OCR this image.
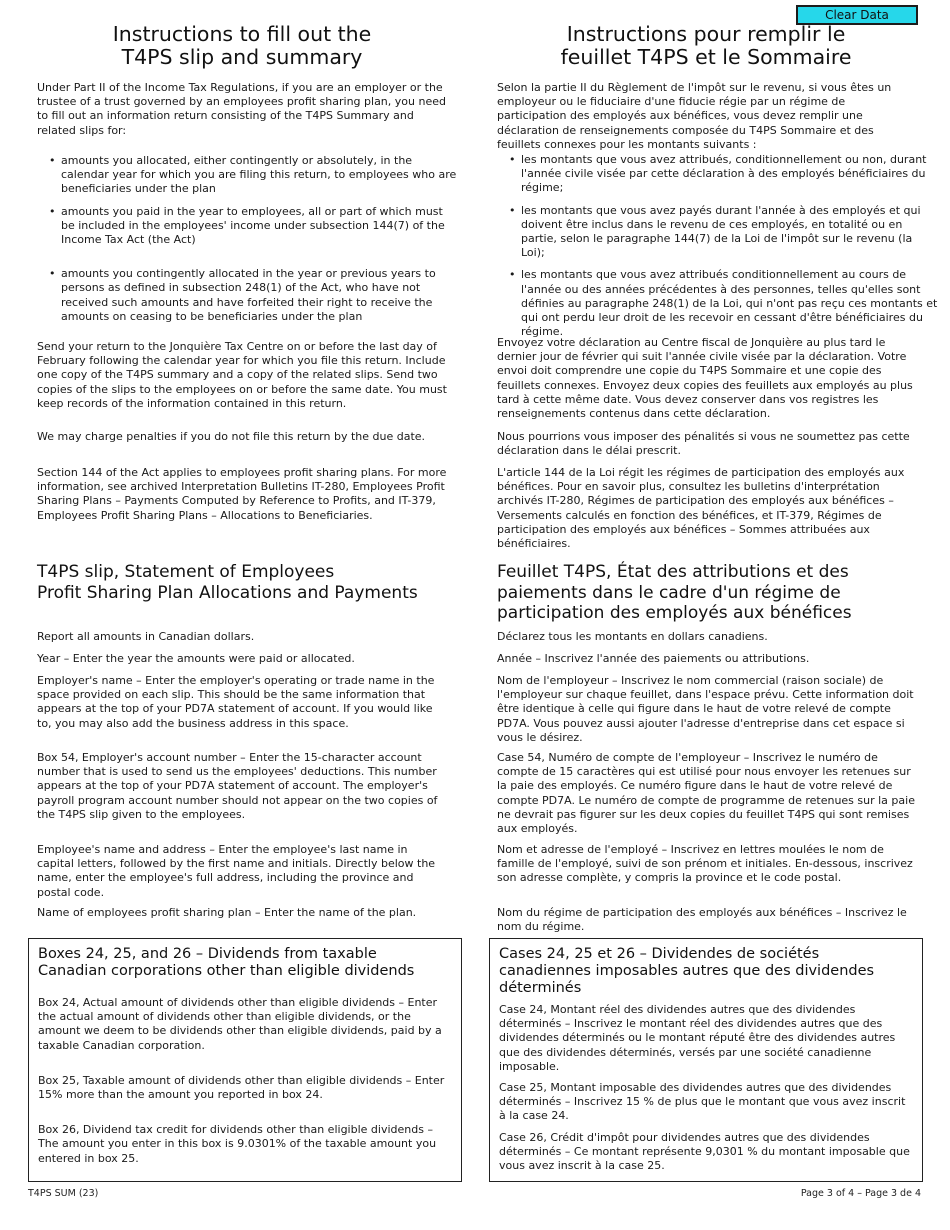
Clear Data
Instructions to fill out the
T4PS slip and summary

Under Part II of the Income Tax Regulations, if you are an employer or the trustee of a trust governed by an employees profit sharing plan, you need to fill out an information return consisting of the T4PS Summary and related slips for:

• amounts you allocated, either contingently or absolutely, in the calendar year for which you are filing this return, to employees who are beneficiaries under the plan
• amounts you paid in the year to employees, all or part of which must be included in the employees' income under subsection 144(7) of the Income Tax Act (the Act)
• amounts you contingently allocated in the year or previous years to persons as defined in subsection 248(1) of the Act, who have not received such amounts and have forfeited their right to receive the amounts on ceasing to be beneficiaries under the plan

Send your return to the Jonquière Tax Centre on or before the last day of February following the calendar year for which you file this return. Include one copy of the T4PS summary and a copy of the related slips. Send two copies of the slips to the employees on or before the same date. You must keep records of the information contained in this return.

We may charge penalties if you do not file this return by the due date.

Section 144 of the Act applies to employees profit sharing plans. For more information, see archived Interpretation Bulletins IT-280, Employees Profit Sharing Plans – Payments Computed by Reference to Profits, and IT-379, Employees Profit Sharing Plans – Allocations to Beneficiaries.

T4PS slip, Statement of Employees
Profit Sharing Plan Allocations and Payments

Report all amounts in Canadian dollars.

Year – Enter the year the amounts were paid or allocated.

Employer's name – Enter the employer's operating or trade name in the space provided on each slip. This should be the same information that appears at the top of your PD7A statement of account. If you would like to, you may also add the business address in this space.

Box 54, Employer's account number – Enter the 15-character account number that is used to send us the employees' deductions. This number appears at the top of your PD7A statement of account. The employer's payroll program account number should not appear on the two copies of the T4PS slip given to the employees.

Employee's name and address – Enter the employee's last name in capital letters, followed by the first name and initials. Directly below the name, enter the employee's full address, including the province and postal code.

Name of employees profit sharing plan – Enter the name of the plan.

Boxes 24, 25, and 26 – Dividends from taxable
Canadian corporations other than eligible dividends

Box 24, Actual amount of dividends other than eligible dividends – Enter the actual amount of dividends other than eligible dividends, or the amount we deem to be dividends other than eligible dividends, paid by a taxable Canadian corporation.

Box 25, Taxable amount of dividends other than eligible dividends – Enter 15% more than the amount you reported in box 24.

Box 26, Dividend tax credit for dividends other than eligible dividends – The amount you enter in this box is 9.0301% of the taxable amount you entered in box 25.

Instructions pour remplir le
feuillet T4PS et le Sommaire

Selon la partie II du Règlement de l'impôt sur le revenu, si vous êtes un employeur ou le fiduciaire d'une fiducie régie par un régime de participation des employés aux bénéfices, vous devez remplir une déclaration de renseignements composée du T4PS Sommaire et des feuillets connexes pour les montants suivants :

• les montants que vous avez attribués, conditionnellement ou non, durant l'année civile visée par cette déclaration à des employés bénéficiaires du régime;
• les montants que vous avez payés durant l'année à des employés et qui doivent être inclus dans le revenu de ces employés, en totalité ou en partie, selon le paragraphe 144(7) de la Loi de l'impôt sur le revenu (la Loi);
• les montants que vous avez attribués conditionnellement au cours de l'année ou des années précédentes à des personnes, telles qu'elles sont définies au paragraphe 248(1) de la Loi, qui n'ont pas reçu ces montants et qui ont perdu leur droit de les recevoir en cessant d'être bénéficiaires du régime.

Envoyez votre déclaration au Centre fiscal de Jonquière au plus tard le dernier jour de février qui suit l'année civile visée par la déclaration. Votre envoi doit comprendre une copie du T4PS Sommaire et une copie des feuillets connexes. Envoyez deux copies des feuillets aux employés au plus tard à cette même date. Vous devez conserver dans vos registres les renseignements contenus dans cette déclaration.

Nous pourrions vous imposer des pénalités si vous ne soumettez pas cette déclaration dans le délai prescrit.

L'article 144 de la Loi régit les régimes de participation des employés aux bénéfices. Pour en savoir plus, consultez les bulletins d'interprétation archivés IT-280, Régimes de participation des employés aux bénéfices – Versements calculés en fonction des bénéfices, et IT-379, Régimes de participation des employés aux bénéfices – Sommes attribuées aux bénéficiaires.

Feuillet T4PS, État des attributions et des
paiements dans le cadre d'un régime de
participation des employés aux bénéfices

Déclarez tous les montants en dollars canadiens.

Année – Inscrivez l'année des paiements ou attributions.

Nom de l'employeur – Inscrivez le nom commercial (raison sociale) de l'employeur sur chaque feuillet, dans l'espace prévu. Cette information doit être identique à celle qui figure dans le haut de votre relevé de compte PD7A. Vous pouvez aussi ajouter l'adresse d'entreprise dans cet espace si vous le désirez.

Case 54, Numéro de compte de l'employeur – Inscrivez le numéro de compte de 15 caractères qui est utilisé pour nous envoyer les retenues sur la paie des employés. Ce numéro figure dans le haut de votre relevé de compte PD7A. Le numéro de compte de programme de retenues sur la paie ne devrait pas figurer sur les deux copies du feuillet T4PS qui sont remises aux employés.

Nom et adresse de l'employé – Inscrivez en lettres moulées le nom de famille de l'employé, suivi de son prénom et initiales. En-dessous, inscrivez son adresse complète, y compris la province et le code postal.

Nom du régime de participation des employés aux bénéfices – Inscrivez le nom du régime.

Cases 24, 25 et 26 – Dividendes de sociétés
canadiennes imposables autres que des dividendes
déterminés

Case 24, Montant réel des dividendes autres que des dividendes déterminés – Inscrivez le montant réel des dividendes autres que des dividendes déterminés ou le montant réputé être des dividendes autres que des dividendes déterminés, versés par une société canadienne imposable.

Case 25, Montant imposable des dividendes autres que des dividendes déterminés – Inscrivez 15 % de plus que le montant que vous avez inscrit à la case 24.

Case 26, Crédit d'impôt pour dividendes autres que des dividendes déterminés – Ce montant représente 9,0301 % du montant imposable que vous avez inscrit à la case 25.

T4PS SUM (23)	Page 3 of 4 – Page 3 de 4
